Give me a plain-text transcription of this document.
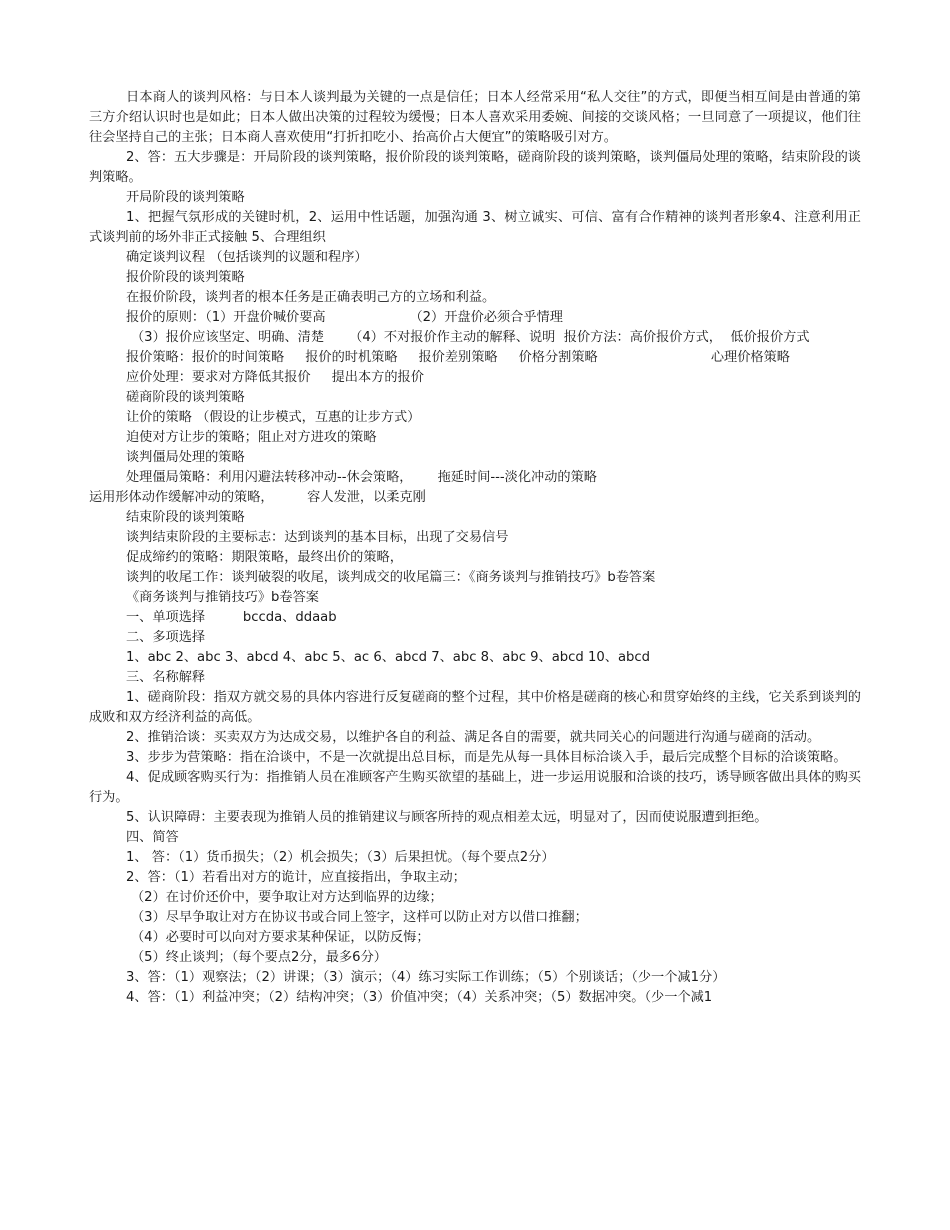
日本商人的谈判风格：与日本人谈判最为关键的一点是信任；日本人经常采用“私人交往”的方式，即便当相互间是由普通的第三方介绍认识时也是如此；日本人做出决策的过程较为缓慢；日本人喜欢采用委婉、间接的交谈风格；一旦同意了一项提议，他们往往会坚持自己的主张；日本商人喜欢使用“打折扣吃小、抬高价占大便宜”的策略吸引对方。

2、答：五大步骤是：开局阶段的谈判策略，报价阶段的谈判策略，磋商阶段的谈判策略，谈判僵局处理的策略，结束阶段的谈判策略。

开局阶段的谈判策略

1、把握气氛形成的关键时机，2、运用中性话题，加强沟通 3、树立诚实、可信、富有合作精神的谈判者形象4、注意利用正式谈判前的场外非正式接触 5、合理组织

确定谈判议程 （包括谈判的议题和程序）

报价阶段的谈判策略

在报价阶段，谈判者的根本任务是正确表明己方的立场和利益。

报价的原则：（1）开盘价喊价要高                    （2）开盘价必须合乎情理

（3）报价应该坚定、明确、清楚      （4）不对报价作主动的解释、说明  报价方法：高价报价方式，  低价报价方式

报价策略：报价的时间策略     报价的时机策略     报价差别策略     价格分割策略                           心理价格策略

应价处理：要求对方降低其报价     提出本方的报价

磋商阶段的谈判策略

让价的策略 （假设的让步模式，互惠的让步方式）

迫使对方让步的策略；阻止对方进攻的策略

谈判僵局处理的策略

处理僵局策略：利用闪避法转移冲动--休会策略，      拖延时间---淡化冲动的策略

运用形体动作缓解冲动的策略，        容人发泄，以柔克刚

结束阶段的谈判策略

谈判结束阶段的主要标志：达到谈判的基本目标，出现了交易信号

促成缔约的策略：期限策略，最终出价的策略，

谈判的收尾工作：谈判破裂的收尾，谈判成交的收尾篇三：《商务谈判与推销技巧》b卷答案

《商务谈判与推销技巧》b卷答案

一、单项选择         bccda、ddaab

二、多项选择

1、abc 2、abc 3、abcd 4、abc 5、ac 6、abcd 7、abc 8、abc 9、abcd 10、abcd

三、名称解释

1、磋商阶段：指双方就交易的具体内容进行反复磋商的整个过程，其中价格是磋商的核心和贯穿始终的主线，它关系到谈判的成败和双方经济利益的高低。

2、推销洽谈：买卖双方为达成交易，以维护各自的利益、满足各自的需要，就共同关心的问题进行沟通与磋商的活动。

3、步步为营策略：指在洽谈中，不是一次就提出总目标，而是先从每一具体目标洽谈入手，最后完成整个目标的洽谈策略。

4、促成顾客购买行为：指推销人员在准顾客产生购买欲望的基础上，进一步运用说服和洽谈的技巧，诱导顾客做出具体的购买行为。

5、认识障碍：主要表现为推销人员的推销建议与顾客所持的观点相差太远，明显对了，因而使说服遭到拒绝。

四、简答

1、 答：（1）货币损失；（2）机会损失；（3）后果担忧。（每个要点2分）

2、答：（1）若看出对方的诡计，应直接指出，争取主动；

（2）在讨价还价中，要争取让对方达到临界的边缘；

（3）尽早争取让对方在协议书或合同上签字，这样可以防止对方以借口推翻；

（4）必要时可以向对方要求某种保证，以防反悔；

（5）终止谈判；（每个要点2分，最多6分）

3、答：（1）观察法；（2）讲课；（3）演示；（4）练习实际工作训练；（5）个别谈话；（少一个减1分）

4、答：（1）利益冲突；（2）结构冲突；（3）价值冲突；（4）关系冲突；（5）数据冲突。（少一个减1
